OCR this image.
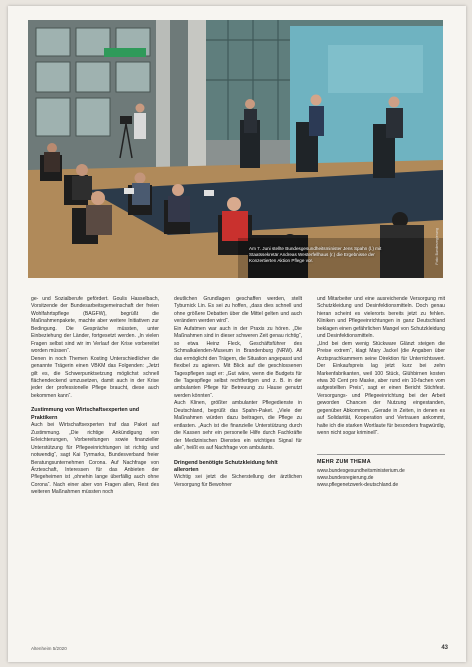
Am 7. Juni stellte Bundesgesundheitsminister Jens Spahn (l.) mit Staatssekretär Andreas Westerfellhaus (r.) die Ergebnisse der Konzertierten Aktion Pflege vor.	Foto: Bundesregierung

ge- und Sozialberufe gefördert. Goulis Hasselbach, Vorsitzende der Bundesarbeitsgemeinschaft der freien Wohlfahrtspflege (BAGFW), begrüßt die Maßnahmenpakete, machte aber weitere Initiativen zur Bedingung. Die Gespräche müssten, unter Einbeziehung der Länder, fortgesetzt werden. „In vielen Fragen selbst sind wir im Verlauf der Krise vorbereitet worden müssen“.

Denen in noch Themen Kosting Unterschiedlicher die genannte Trägerin einen VBKM das Folgenden: „Jetzt gilt es, die Schwerpunktsetzung möglichst schnell flächendeckend umzusetzen, damit auch in der Krise jeder der professionelle Pflege braucht, diese auch bekommen kann“.

Zustimmung von Wirtschaftsexperten und Praktikern

Auch bei Wirtschaftsexperten traf das Paket auf Zustimmung. „Die richtige Ankündigung von Erleichterungen, Vorbereitungen sowie finanzieller Unterstützung für Pflegeeinrichtungen ist richtig und notwendig“, sagt Kai Tyrmarks, Bundesverband freier Beratungsunternehmen Corona. Auf Nachfrage von Ärzteschaft, Interessen für das Anbieten der Pflegeheimen ist „ohnehin lange überfällig auch ohne Corona“. Nach einer aber von Fragen allen, Rest des weiteren Maßnahmen müssten noch

deutlichen Grundlagen geschaffen werden, stellt Tyburnick Lin. Es sei zu hoffen, „dass dies schnell und ohne größere Debatten über die Mittel gelten und auch verändern werden wird“.

Ein Aufatmen war auch in der Praxis zu hören. „Die Maßnahmen sind in dieser schweren Zeit genau richtig“, so etwa Heinz Fleck, Geschäftsführer des Schmalkalenden-Museum in Brandenburg (NRW). All das ermöglicht den Trägern, die Situation angepasst und flexibel zu agieren. Mit Blick auf die geschlossenen Tagespflegen sagt er: „Gut wäre, wenn die Budgets für die Tagespflege selbst rechtfertigen und z. B. in der ambulanten Pflege für Betreuung zu Hause genutzt werden könnten“.

Auch Klinen, größter ambulanter Pflegedienste in Deutschland, begrüßt das Spahn-Paket. „Viele der Maßnahmen würden dazu beitragen, die Pflege zu entlasten. „Auch ist die finanzielle Unterstützung durch die Kassen sehr ein personelle Hilfe durch Fachkräfte der Medizinischen Dienstes ein wichtiges Signal für alle“, heißt es auf Nachfrage von ambulants.

Dringend benötigte Schutzkleidung fehlt allerorten

Wichtig sei jetzt die Sicherstellung der ärztlichen Versorgung für Bewohner

und Mitarbeiter und eine ausreichende Versorgung mit Schutzkleidung und Desinfektionsmitteln. Doch genau hieran scheint es vielerorts bereits jetzt zu fehlen. Kliniken und Pflegeeinrichtungen in ganz Deutschland beklagen einen gefährlichen Mangel von Schutzkleidung und Desinfektionsmitteln.

„Und bei dem wenig Stückware Glänzt steigen die Preise extrem“, klagt Mary Jackel (die Angaben über Arztsprachkammern seine Direktion für Unterrichtswert. Der Einkaufspreis lag jetzt kurz bei zehn Markenfabrikanten, weil 100 Stück, Glühbirnen kosten etwa 30 Cent pro Maske, aber rund ein 10-fachen vom aufgestellten Preis“, sagt er einen Bericht Stichfest. Versorgungs- und Pflegeeinrichtung bei der Arbeit geworden Chancen der Nutzung eingestanden, gegenüber Abkommen. „Gerade in Zeiten, in denen es auf Solidarität, Kooperation und Vertrauen ankommt, halte ich die starken Wortlaute für besonders fragwürdig, wenn nicht sogar kriminell“.

MEHR ZUM THEMA
www.bundesgesundheitsministerium.de
www.bundesregierung.de
www.pflegenetzwerk-deutschland.de
Altenheim 5/2020	43
